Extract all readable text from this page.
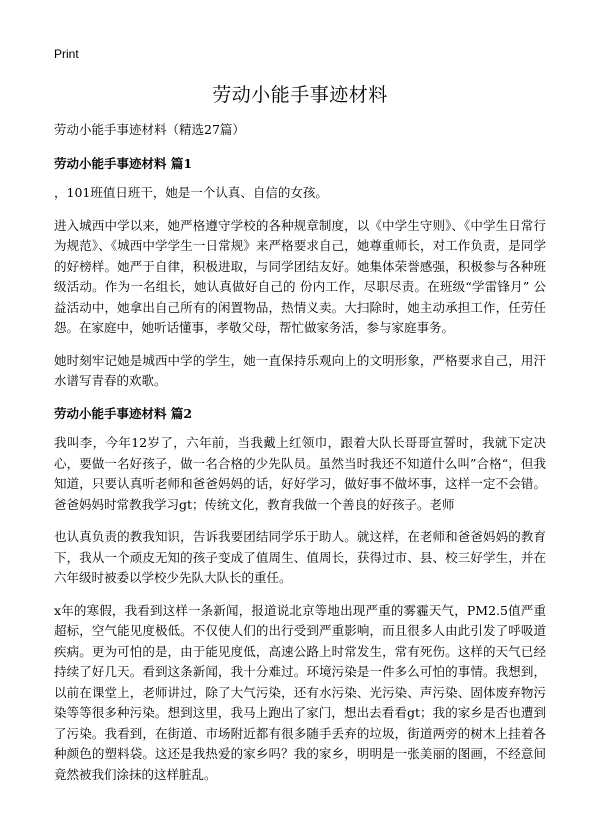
Print
劳动小能手事迹材料

劳动小能手事迹材料（精选27篇）

劳动小能手事迹材料 篇1

，101班值日班干，她是一个认真、自信的女孩。

进入城西中学以来，她严格遵守学校的各种规章制度，以《中学生守则》、《中学生日常行为规范》、《城西中学学生一日常规》来严格要求自己，她尊重师长，对工作负责，是同学的好榜样。她严于自律，积极进取，与同学团结友好。她集体荣誉感强，积极参与各种班级活动。作为一名组长，她认真做好自己的 份内工作，尽职尽责。在班级“学雷锋月” 公益活动中，她拿出自己所有的闲置物品，热情义卖。大扫除时，她主动承担工作，任劳任怨。在家庭中，她听话懂事，孝敬父母，帮忙做家务活，参与家庭事务。

她时刻牢记她是城西中学的学生，她一直保持乐观向上的文明形象，严格要求自己，用汗水谱写青春的欢歌。

劳动小能手事迹材料 篇2

我叫李，今年12岁了，六年前，当我戴上红领巾，跟着大队长哥哥宣誓时，我就下定决心，要做一名好孩子，做一名合格的少先队员。虽然当时我还不知道什么叫”合格“，但我知道，只要认真听老师和爸爸妈妈的话，好好学习，做好事不做坏事，这样一定不会错。爸爸妈妈时常教我学习gt；传统文化，教育我做一个善良的好孩子。老师

也认真负责的教我知识，告诉我要团结同学乐于助人。就这样，在老师和爸爸妈妈的教育下，我从一个顽皮无知的孩子变成了值周生、值周长，获得过市、县、校三好学生，并在六年级时被委以学校少先队大队长的重任。

x年的寒假，我看到这样一条新闻，报道说北京等地出现严重的雾霾天气，PM2.5值严重超标，空气能见度极低。不仅使人们的出行受到严重影响，而且很多人由此引发了呼吸道疾病。更为可怕的是，由于能见度低，高速公路上时常发生，常有死伤。这样的天气已经持续了好几天。看到这条新闻，我十分难过。环境污染是一件多么可怕的事情。我想到，以前在课堂上，老师讲过，除了大气污染，还有水污染、光污染、声污染、固体废弃物污染等等很多种污染。想到这里，我马上跑出了家门，想出去看看gt；我的家乡是否也遭到了污染。我看到，在街道、市场附近都有很多随手丢弃的垃圾，街道两旁的树木上挂着各种颜色的塑料袋。这还是我热爱的家乡吗？我的家乡，明明是一张美丽的图画，不经意间竟然被我们涂抹的这样脏乱。
